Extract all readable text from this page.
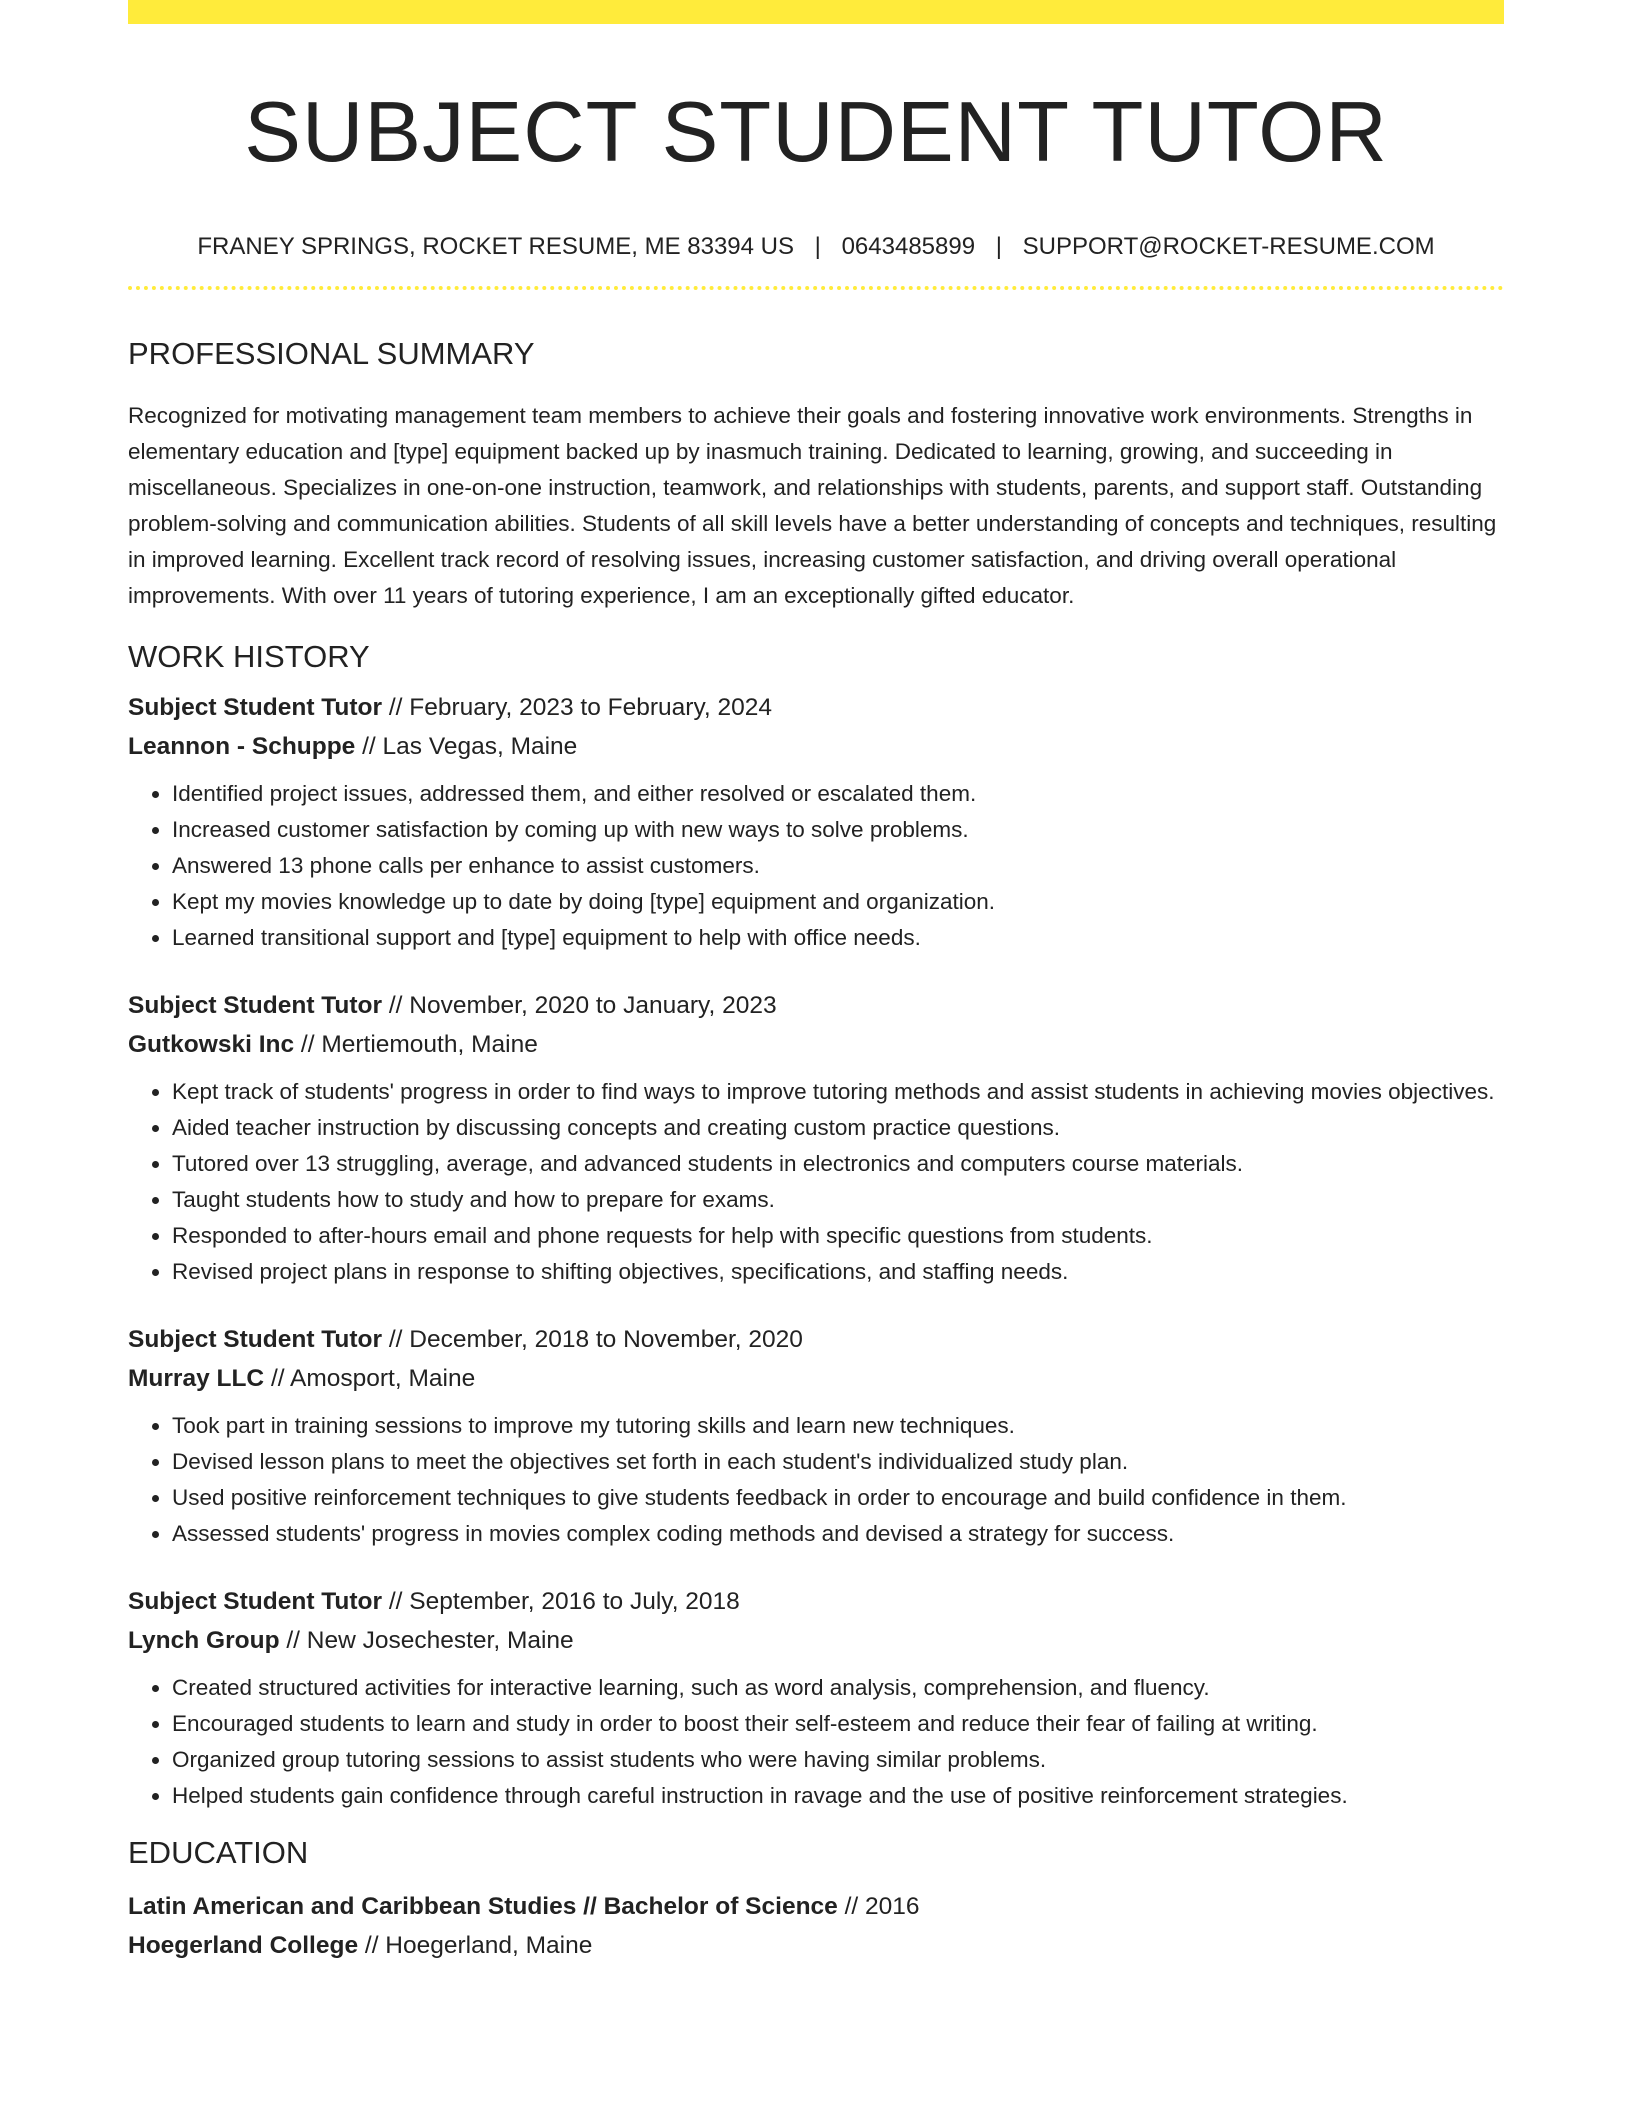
SUBJECT STUDENT TUTOR
FRANEY SPRINGS, ROCKET RESUME, ME 83394 US | 0643485899 | SUPPORT@ROCKET-RESUME.COM
PROFESSIONAL SUMMARY

Recognized for motivating management team members to achieve their goals and fostering innovative work environments. Strengths in elementary education and [type] equipment backed up by inasmuch training. Dedicated to learning, growing, and succeeding in miscellaneous. Specializes in one-on-one instruction, teamwork, and relationships with students, parents, and support staff. Outstanding problem-solving and communication abilities. Students of all skill levels have a better understanding of concepts and techniques, resulting in improved learning. Excellent track record of resolving issues, increasing customer satisfaction, and driving overall operational improvements. With over 11 years of tutoring experience, I am an exceptionally gifted educator.

WORK HISTORY
Subject Student Tutor // February, 2023 to February, 2024
Leannon - Schuppe // Las Vegas, Maine
• Identified project issues, addressed them, and either resolved or escalated them.
• Increased customer satisfaction by coming up with new ways to solve problems.
• Answered 13 phone calls per enhance to assist customers.
• Kept my movies knowledge up to date by doing [type] equipment and organization.
• Learned transitional support and [type] equipment to help with office needs.
Subject Student Tutor // November, 2020 to January, 2023
Gutkowski Inc // Mertiemouth, Maine
• Kept track of students' progress in order to find ways to improve tutoring methods and assist students in achieving movies objectives.
• Aided teacher instruction by discussing concepts and creating custom practice questions.
• Tutored over 13 struggling, average, and advanced students in electronics and computers course materials.
• Taught students how to study and how to prepare for exams.
• Responded to after-hours email and phone requests for help with specific questions from students.
• Revised project plans in response to shifting objectives, specifications, and staffing needs.
Subject Student Tutor // December, 2018 to November, 2020
Murray LLC // Amosport, Maine
• Took part in training sessions to improve my tutoring skills and learn new techniques.
• Devised lesson plans to meet the objectives set forth in each student's individualized study plan.
• Used positive reinforcement techniques to give students feedback in order to encourage and build confidence in them.
• Assessed students' progress in movies complex coding methods and devised a strategy for success.
Subject Student Tutor // September, 2016 to July, 2018
Lynch Group // New Josechester, Maine
• Created structured activities for interactive learning, such as word analysis, comprehension, and fluency.
• Encouraged students to learn and study in order to boost their self-esteem and reduce their fear of failing at writing.
• Organized group tutoring sessions to assist students who were having similar problems.
• Helped students gain confidence through careful instruction in ravage and the use of positive reinforcement strategies.
EDUCATION
Latin American and Caribbean Studies // Bachelor of Science // 2016
Hoegerland College // Hoegerland, Maine
